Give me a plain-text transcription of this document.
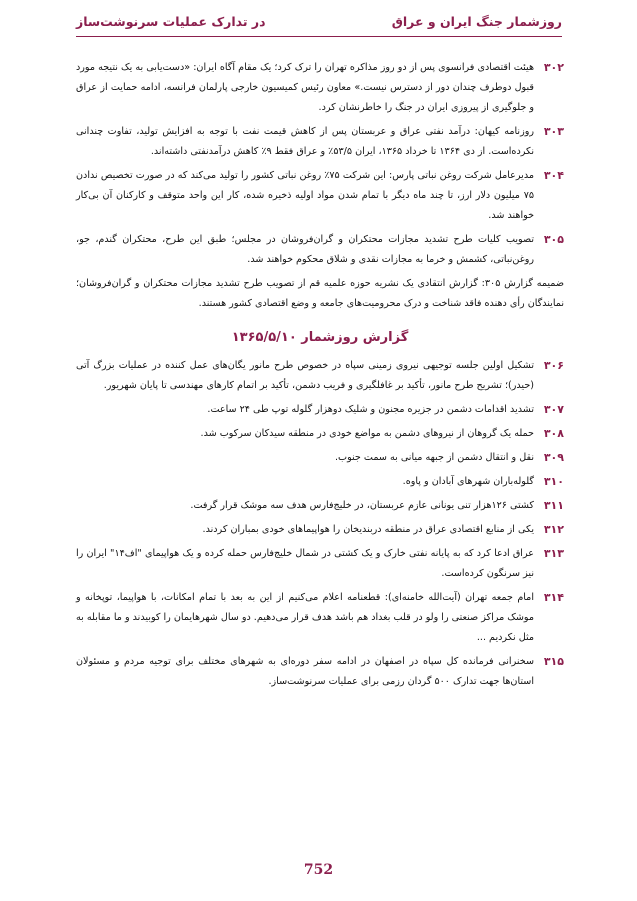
روزشمار جنگ ایران و عراق
در تدارک عملیات سرنوشت‌ساز
۳۰۲
هیئت اقتصادی فرانسوی پس از دو روز مذاکره تهران را ترک کرد؛ یک مقام آگاه ایران: «دست‌یابی به یک نتیجه مورد قبول دوطرف چندان دور از دسترس نیست.» معاون رئیس کمیسیون خارجی پارلمان فرانسه، ادامه حمایت از عراق و جلوگیری از پیروزی ایران در جنگ را خاطرنشان کرد.
۳۰۳
روزنامه کیهان: درآمد نفتی عراق و عربستان پس از کاهش قیمت نفت با توجه به افزایش تولید، تفاوت چندانی نکرده‌است. از دی ۱۳۶۴ تا خرداد ۱۳۶۵، ایران ۵۳/۵٪ و عراق فقط ۹٪ کاهش درآمدنفتی داشته‌اند.
۳۰۴
مدیرعامل شرکت روغن نباتی پارس: این شرکت ۷۵٪ روغن نباتی کشور را تولید می‌کند که در صورت تخصیص ندادن ۷۵ میلیون دلار ارز، تا چند ماه دیگر با تمام شدن مواد اولیه ذخیره شده، کار این واحد متوقف و کارکنان آن بی‌کار خواهند شد.
۳۰۵
تصویب کلیات طرح تشدید مجازات محتکران و گران‌فروشان در مجلس؛ طبق این طرح، محتکران گندم، جو، روغن‌نباتی، کشمش و خرما به مجازات نقدی و شلاق محکوم خواهند شد.
ضمیمه گزارش ۳۰۵: گزارش انتقادی یک نشریه حوزه علمیه قم از تصویب طرح تشدید مجازات محتکران و گران‌فروشان؛ نمایندگان رأی دهنده فاقد شناخت و درک محرومیت‌های جامعه و وضع اقتصادی کشور هستند.
گزارش روزشمار ۱۳۶۵/۵/۱۰
۳۰۶
تشکیل اولین جلسه توجیهی نیروی زمینی سپاه در خصوص طرح مانور یگان‌های عمل کننده در عملیات بزرگ آتی (حیدر)؛ تشریح طرح مانور، تأکید بر غافلگیری و فریب دشمن، تأکید بر اتمام کارهای مهندسی تا پایان شهریور.
۳۰۷
تشدید اقدامات دشمن در جزیره مجنون و شلیک دوهزار گلوله توپ طی ۲۴ ساعت.
۳۰۸
حمله یک گروهان از نیروهای دشمن به مواضع خودی در منطقه سیدکان سرکوب شد.
۳۰۹
نقل و انتقال دشمن از جبهه میانی به سمت جنوب.
۳۱۰
گلوله‌باران شهرهای آبادان و پاوه.
۳۱۱
کشتی ۱۲۶هزار تنی یونانی عازم عربستان، در خلیج‌فارس هدف سه موشک قرار گرفت.
۳۱۲
یکی از منابع اقتصادی عراق در منطقه دربندیخان را هواپیماهای خودی بمباران کردند.
۳۱۳
عراق ادعا کرد که به پایانه نفتی خارک و یک کشتی در شمال خلیج‌فارس حمله کرده و یک هواپیمای "اف۱۴" ایران را نیز سرنگون کرده‌است.
۳۱۴
امام جمعه تهران (آیت‌الله خامنه‌ای): قطعنامه اعلام می‌کنیم از این به بعد با تمام امکانات، با هواپیما، توپخانه و موشک مراکز صنعتی را ولو در قلب بغداد هم باشد هدف قرار می‌دهیم. دو سال شهرهایمان را کوبیدند و ما مقابله به مثل نکردیم ...
۳۱۵
سخنرانی فرمانده کل سپاه در اصفهان در ادامه سفر دوره‌ای به شهرهای مختلف برای توجیه مردم و مسئولان استان‌ها جهت تدارک ۵۰۰ گردان رزمی برای عملیات سرنوشت‌ساز.
752
